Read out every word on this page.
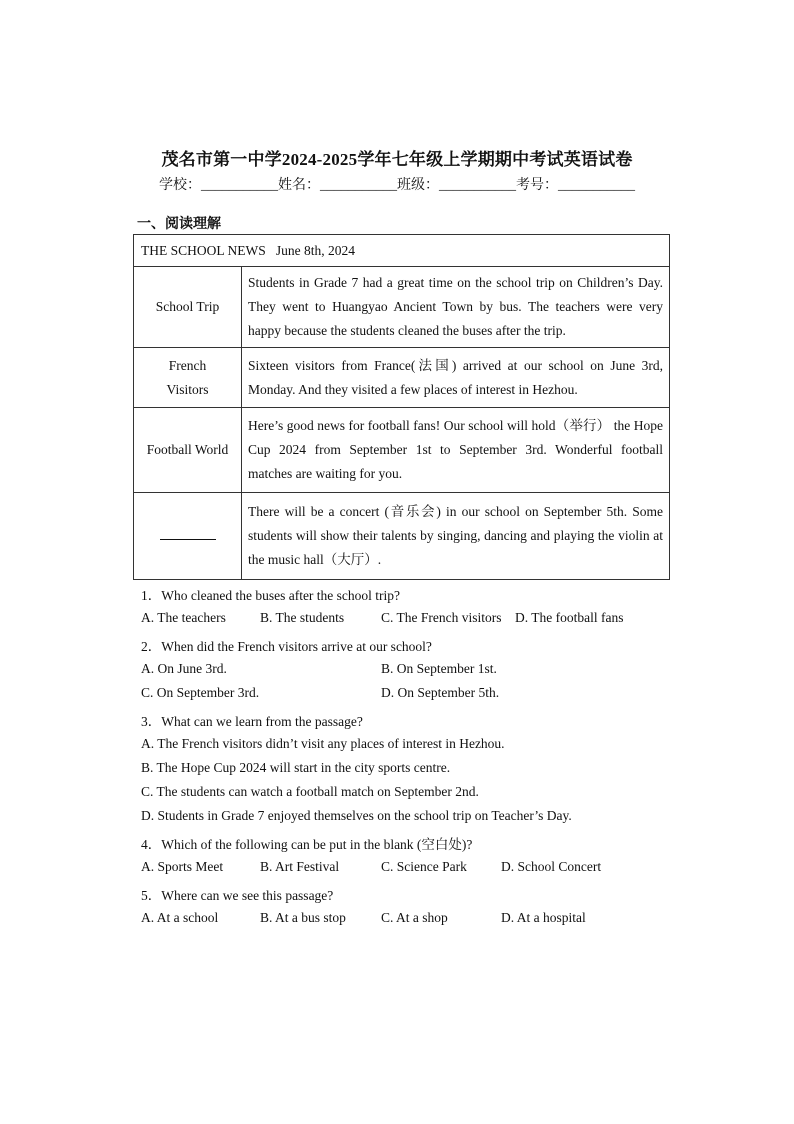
茂名市第一中学2024-2025学年七年级上学期期中考试英语试卷
学校：___________姓名：___________班级：___________考号：___________
一、阅读理解
THE SCHOOL NEWS   June 8th, 2024	
School Trip	Students in Grade 7 had a great time on the school trip on Children’s Day. They went to Huangyao Ancient Town by bus. The teachers were very happy because the students cleaned the buses after the trip.
French Visitors	Sixteen visitors from France(法国) arrived at our school on June 3rd, Monday. And they visited a few places of interest in Hezhou.
Football World	Here’s good news for football fans! Our school will hold（举行） the Hope Cup 2024 from September 1st to September 3rd. Wonderful football matches are waiting for you.
	There will be a concert (音乐会) in our school on September 5th. Some students will show their talents by singing, dancing and playing the violin at the music hall（大厅）.
1．Who cleaned the buses after the school trip?
A. The teachers	B. The students	C. The French visitors D. The football fans
2．When did the French visitors arrive at our school?
A. On June 3rd.	B. On September 1st.
C. On September 3rd.	D. On September 5th.
3．What can we learn from the passage?
A. The French visitors didn’t visit any places of interest in Hezhou.
B. The Hope Cup 2024 will start in the city sports centre.
C. The students can watch a football match on September 2nd.
D. Students in Grade 7 enjoyed themselves on the school trip on Teacher’s Day.
4．Which of the following can be put in the blank (空白处)?
A. Sports Meet	B. Art Festival	C. Science Park	D. School Concert
5．Where can we see this passage?
A. At a school	B. At a bus stop	C. At a shop	D. At a hospital
